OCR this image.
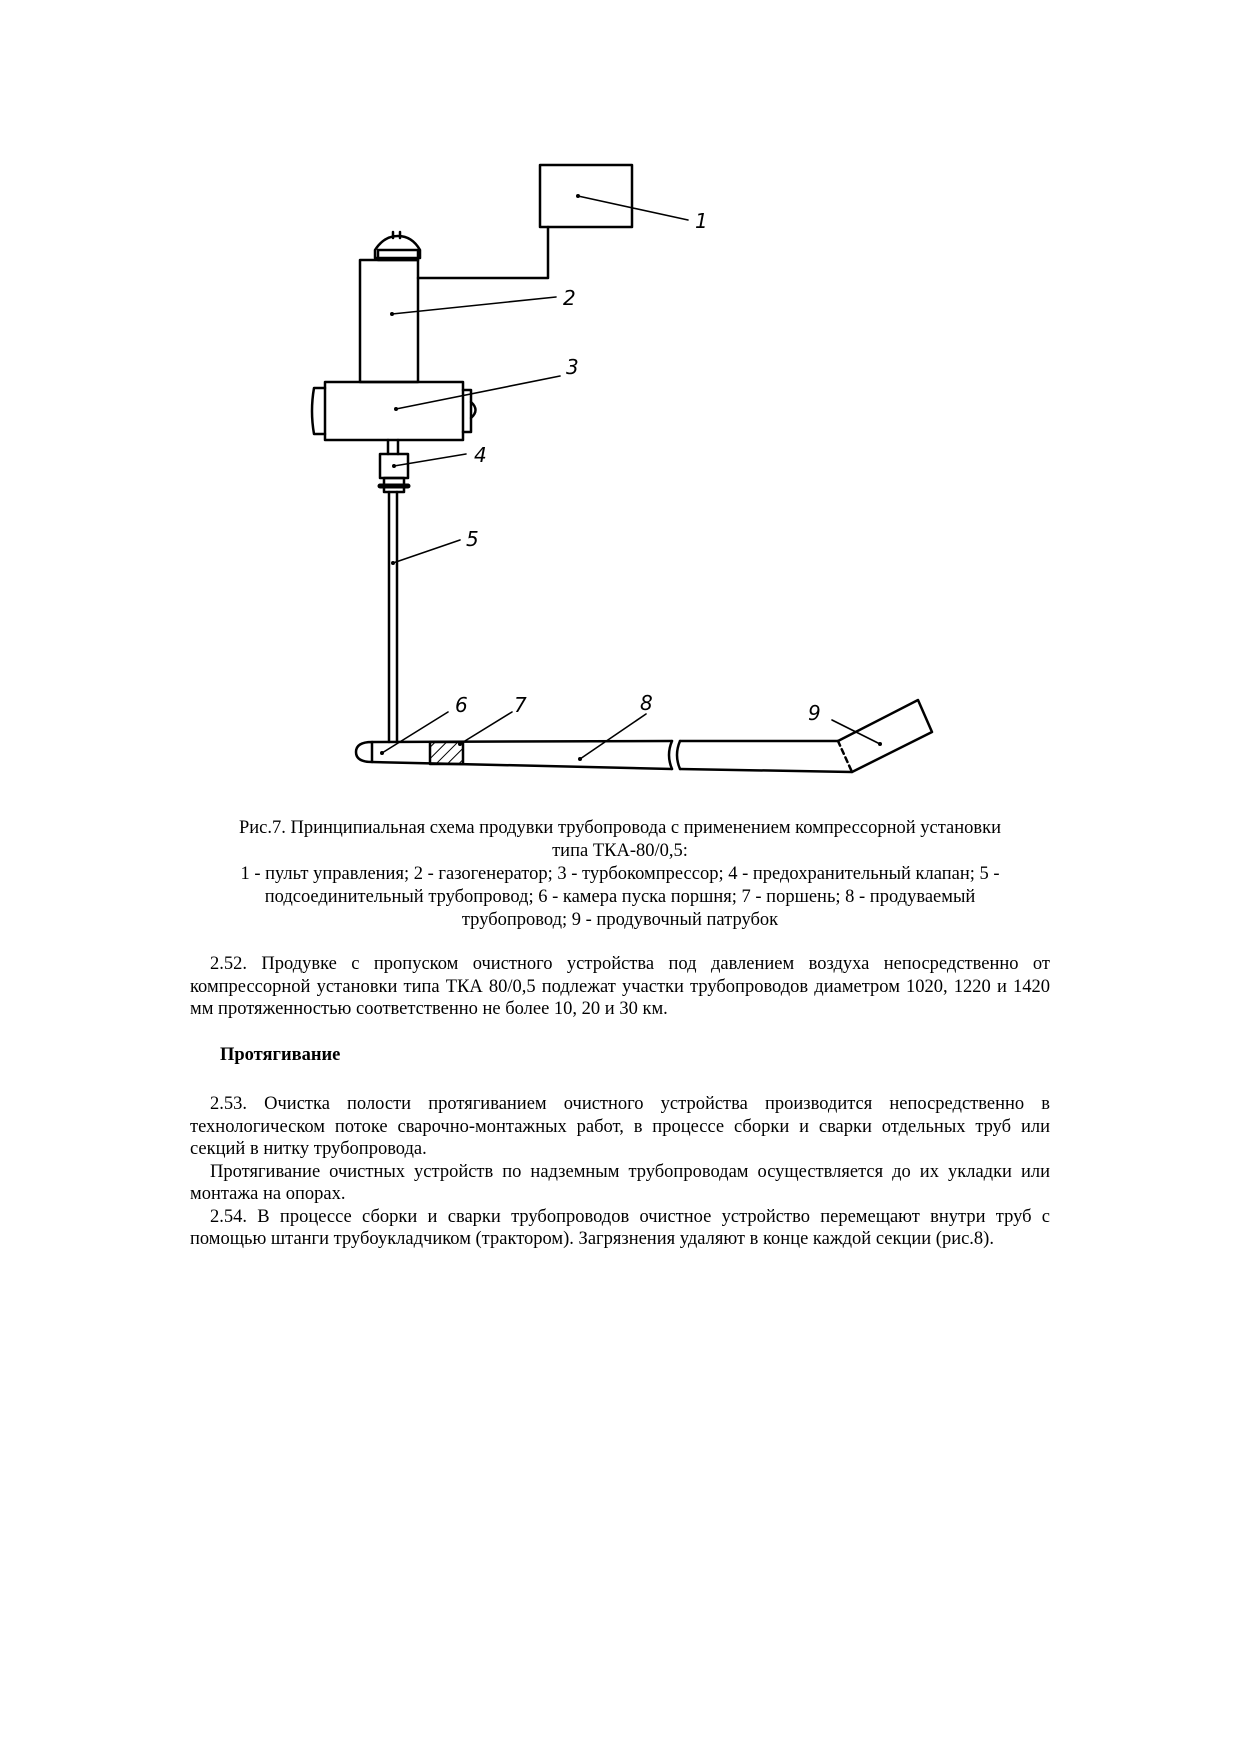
1
2
3
4
5
6 7	8	9
Рис.7. Принципиальная схема продувки трубопровода с применением компрессорной установки
типа ТКА-80/0,5:
1 - пульт управления; 2 - газогенератор; 3 - турбокомпрессор; 4 - предохранительный клапан; 5 -
подсоединительный трубопровод; 6 - камера пуска поршня; 7 - поршень; 8 - продуваемый
трубопровод; 9 - продувочный патрубок

2.52. Продувке с пропуском очистного устройства под давлением воздуха непосредственно от компрессорной установки типа ТКА 80/0,5 подлежат участки трубопроводов диаметром 1020, 1220 и 1420 мм протяженностью соответственно не более 10, 20 и 30 км.

Протягивание

2.53. Очистка полости протягиванием очистного устройства производится непосредственно в технологическом потоке сварочно-монтажных работ, в процессе сборки и сварки отдельных труб или секций в нитку трубопровода.

Протягивание очистных устройств по надземным трубопроводам осуществляется до их укладки или монтажа на опорах.

2.54. В процессе сборки и сварки трубопроводов очистное устройство перемещают внутри труб с помощью штанги трубоукладчиком (трактором). Загрязнения удаляют в конце каждой секции (рис.8).
